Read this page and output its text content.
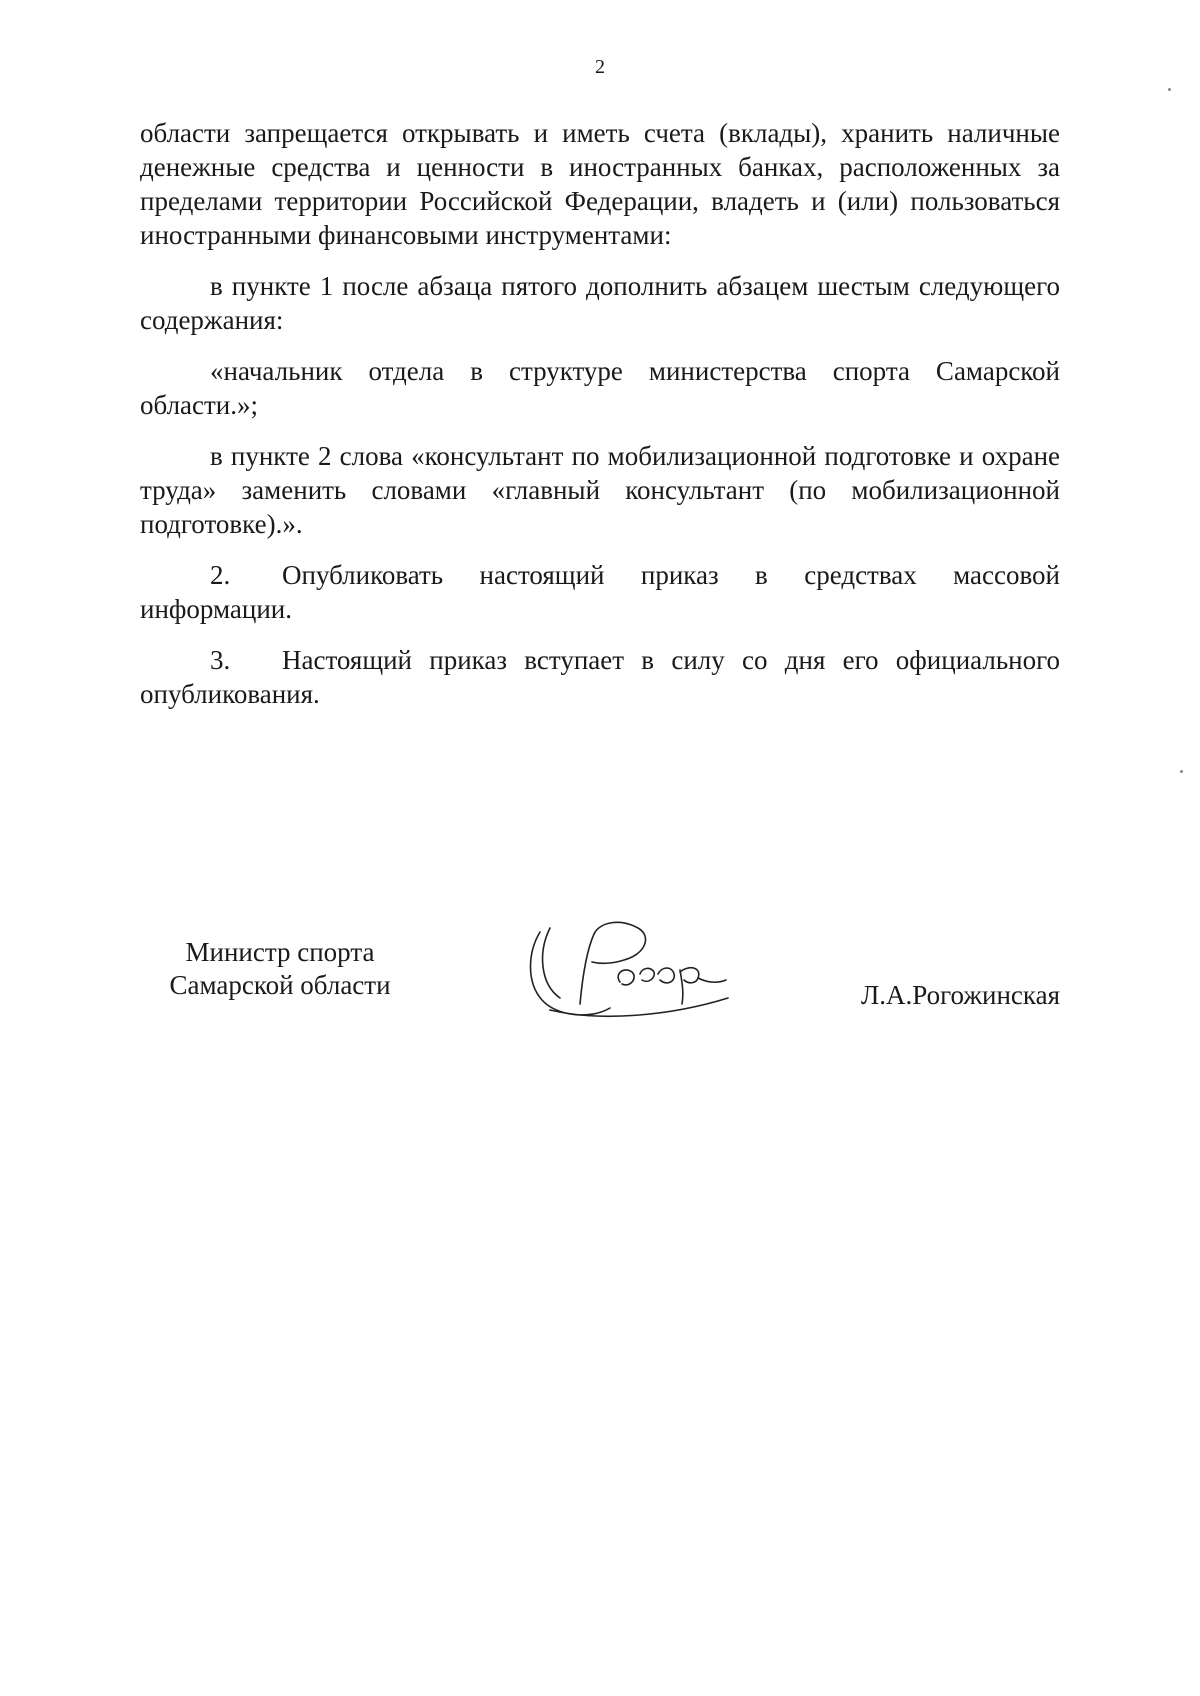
2

области запрещается открывать и иметь счета (вклады), хранить наличные денежные средства и ценности в иностранных банках, расположенных за пределами территории Российской Федерации, владеть и (или) пользоваться иностранными финансовыми инструментами:

в пункте 1 после абзаца пятого дополнить абзацем шестым следующего содержания:

«начальник отдела в структуре министерства спорта Самарской области.»;

в пункте 2 слова «консультант по мобилизационной подготовке и охране труда» заменить словами «главный консультант (по мобилизационной подготовке).».

2. Опубликовать настоящий приказ в средствах массовой информации.

3. Настоящий приказ вступает в силу со дня его официального опубликования.

Министр спорта
Самарской области	Л.А.Рогожинская
